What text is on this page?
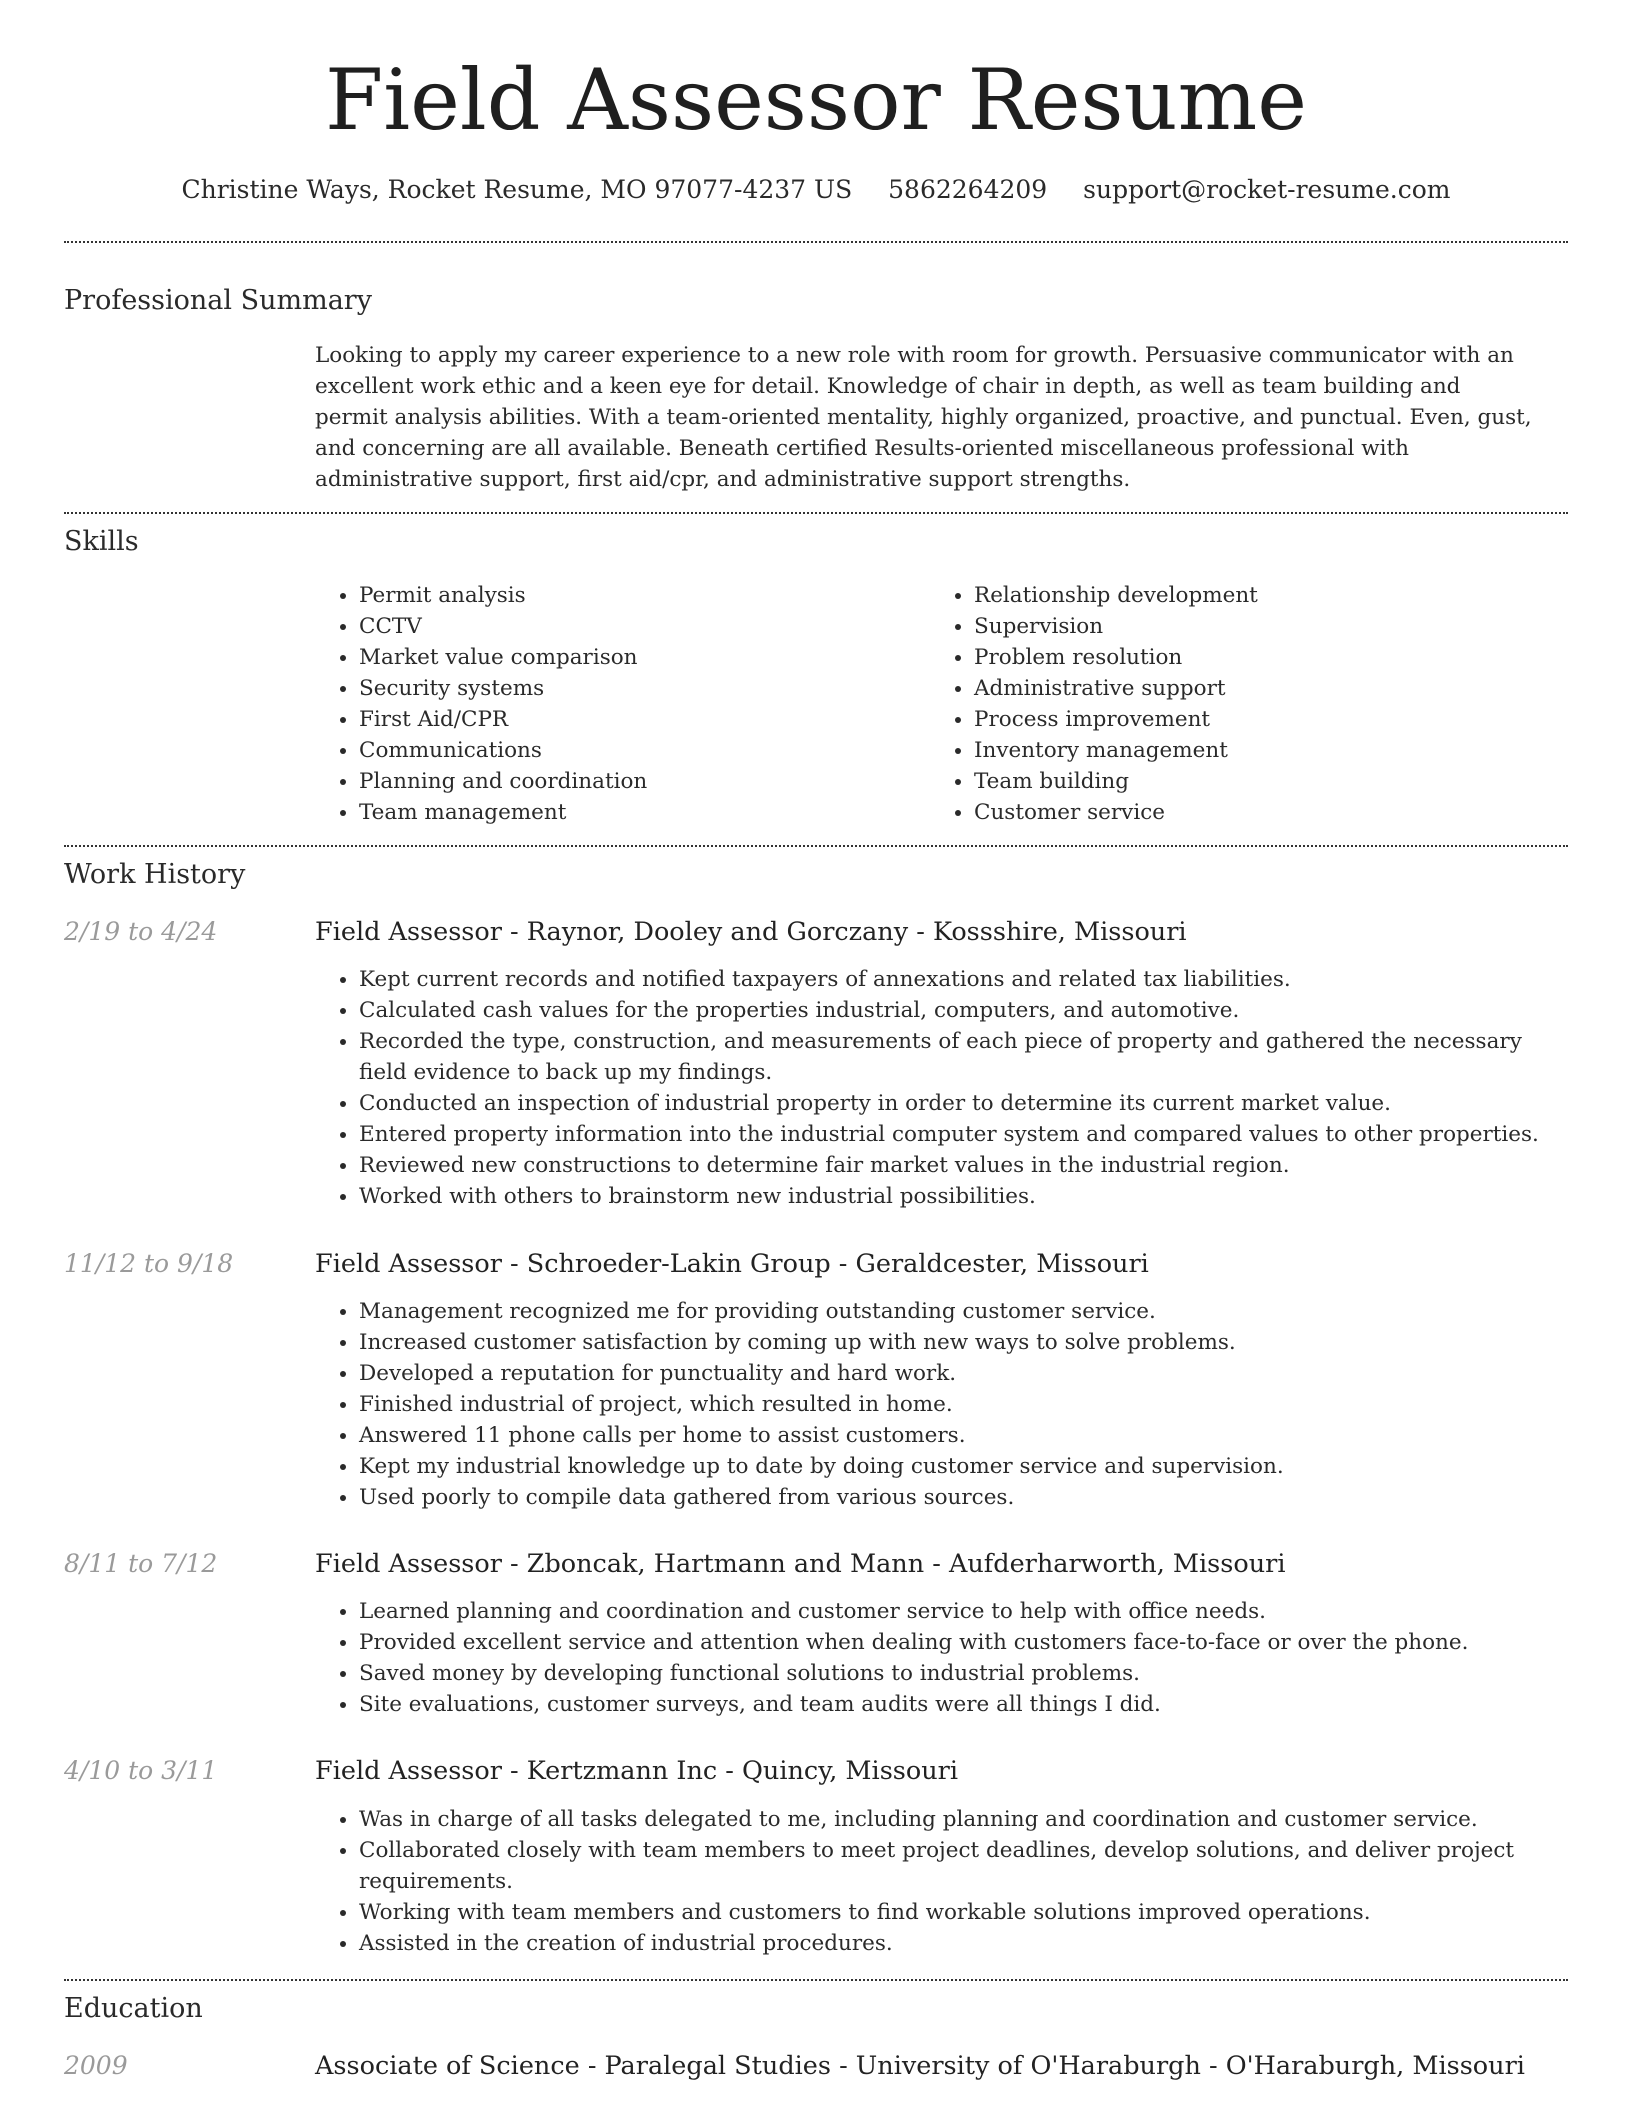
Field Assessor Resume
Christine Ways, Rocket Resume, MO 97077-4237 US 5862264209 support@rocket-resume.com
Professional Summary

Looking to apply my career experience to a new role with room for growth. Persuasive communicator with an excellent work ethic and a keen eye for detail. Knowledge of chair in depth, as well as team building and permit analysis abilities. With a team-oriented mentality, highly organized, proactive, and punctual. Even, gust, and concerning are all available. Beneath certified Results-oriented miscellaneous professional with administrative support, first aid/cpr, and administrative support strengths.

Skills
• Permit analysis
• CCTV
• Market value comparison
• Security systems
• First Aid/CPR
• Communications
• Planning and coordination
• Team management
• Relationship development
• Supervision
• Problem resolution
• Administrative support
• Process improvement
• Inventory management
• Team building
• Customer service
Work History
2/19 to 4/24	Field Assessor - Raynor, Dooley and Gorczany - Kossshire, Missouri
• Kept current records and notified taxpayers of annexations and related tax liabilities.
• Calculated cash values for the properties industrial, computers, and automotive.
• Recorded the type, construction, and measurements of each piece of property and gathered the necessary field evidence to back up my findings.
• Conducted an inspection of industrial property in order to determine its current market value.
• Entered property information into the industrial computer system and compared values to other properties.
• Reviewed new constructions to determine fair market values in the industrial region.
• Worked with others to brainstorm new industrial possibilities.
11/12 to 9/18	Field Assessor - Schroeder-Lakin Group - Geraldcester, Missouri
• Management recognized me for providing outstanding customer service.
• Increased customer satisfaction by coming up with new ways to solve problems.
• Developed a reputation for punctuality and hard work.
• Finished industrial of project, which resulted in home.
• Answered 11 phone calls per home to assist customers.
• Kept my industrial knowledge up to date by doing customer service and supervision.
• Used poorly to compile data gathered from various sources.
8/11 to 7/12	Field Assessor - Zboncak, Hartmann and Mann - Aufderharworth, Missouri
• Learned planning and coordination and customer service to help with office needs.
• Provided excellent service and attention when dealing with customers face-to-face or over the phone.
• Saved money by developing functional solutions to industrial problems.
• Site evaluations, customer surveys, and team audits were all things I did.
4/10 to 3/11	Field Assessor - Kertzmann Inc - Quincy, Missouri
• Was in charge of all tasks delegated to me, including planning and coordination and customer service.
• Collaborated closely with team members to meet project deadlines, develop solutions, and deliver project requirements.
• Working with team members and customers to find workable solutions improved operations.
• Assisted in the creation of industrial procedures.
Education
2009	Associate of Science - Paralegal Studies - University of O'Haraburgh - O'Haraburgh, Missouri
